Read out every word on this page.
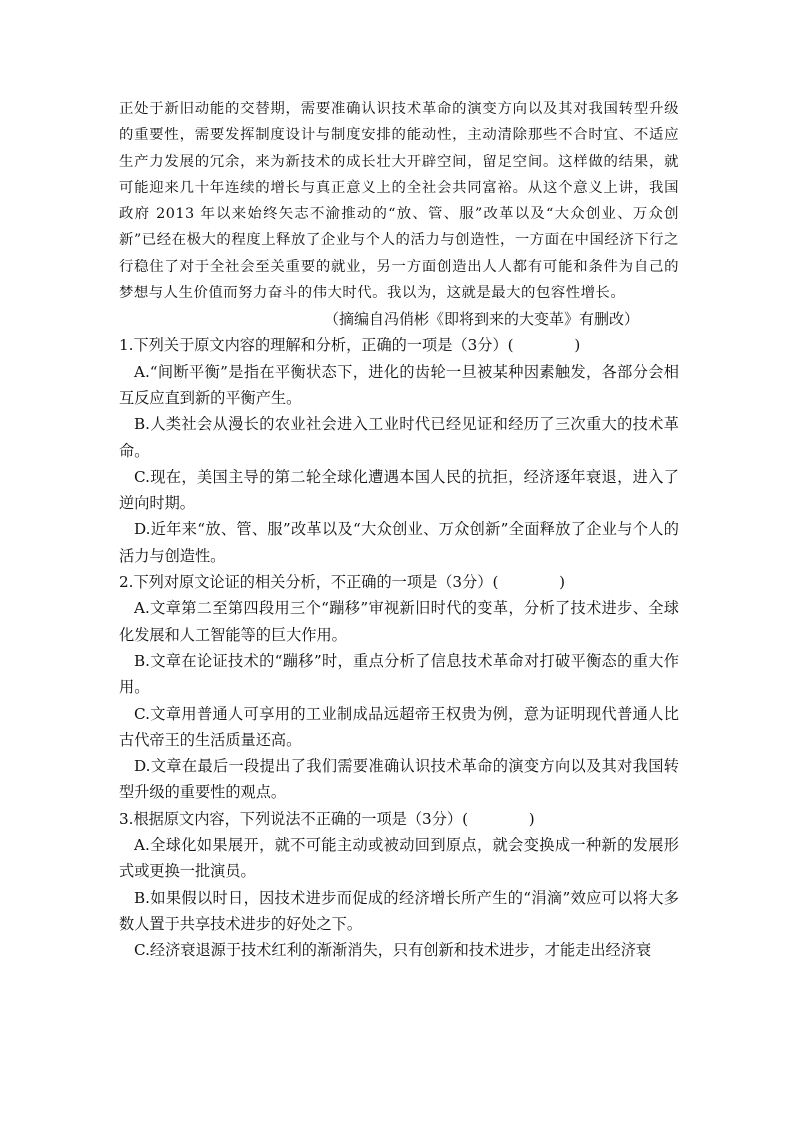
正处于新旧动能的交替期，需要准确认识技术革命的演变方向以及其对我国转型升级的重要性，需要发挥制度设计与制度安排的能动性，主动清除那些不合时宜、不适应生产力发展的冗余，来为新技术的成长壮大开辟空间，留足空间。这样做的结果，就可能迎来几十年连续的增长与真正意义上的全社会共同富裕。从这个意义上讲，我国政府 2013 年以来始终矢志不渝推动的“放、管、服”改革以及“大众创业、万众创新”已经在极大的程度上释放了企业与个人的活力与创造性，一方面在中国经济下行之行稳住了对于全社会至关重要的就业，另一方面创造出人人都有可能和条件为自己的梦想与人生价值而努力奋斗的伟大时代。我以为，这就是最大的包容性增长。

（摘编自冯俏彬《即将到来的大变革》有删改）

1.下列关于原文内容的理解和分析，正确的一项是（3分）(　　　　)

A.“间断平衡”是指在平衡状态下，进化的齿轮一旦被某种因素触发，各部分会相互反应直到新的平衡产生。

B.人类社会从漫长的农业社会进入工业时代已经见证和经历了三次重大的技术革命。

C.现在，美国主导的第二轮全球化遭遇本国人民的抗拒，经济逐年衰退，进入了逆向时期。

D.近年来“放、管、服”改革以及“大众创业、万众创新”全面释放了企业与个人的活力与创造性。

2.下列对原文论证的相关分析，不正确的一项是（3分）(　　　　)

A.文章第二至第四段用三个“蹦移”审视新旧时代的变革，分析了技术进步、全球化发展和人工智能等的巨大作用。

B.文章在论证技术的“蹦移”时，重点分析了信息技术革命对打破平衡态的重大作用。

C.文章用普通人可享用的工业制成品远超帝王权贵为例，意为证明现代普通人比古代帝王的生活质量还高。

D.文章在最后一段提出了我们需要准确认识技术革命的演变方向以及其对我国转型升级的重要性的观点。

3.根据原文内容，下列说法不正确的一项是（3分）(　　　　)

A.全球化如果展开，就不可能主动或被动回到原点，就会变换成一种新的发展形式或更换一批演员。

B.如果假以时日，因技术进步而促成的经济增长所产生的“涓滴”效应可以将大多数人置于共享技术进步的好处之下。

C.经济衰退源于技术红利的渐渐消失，只有创新和技术进步，才能走出经济衰
